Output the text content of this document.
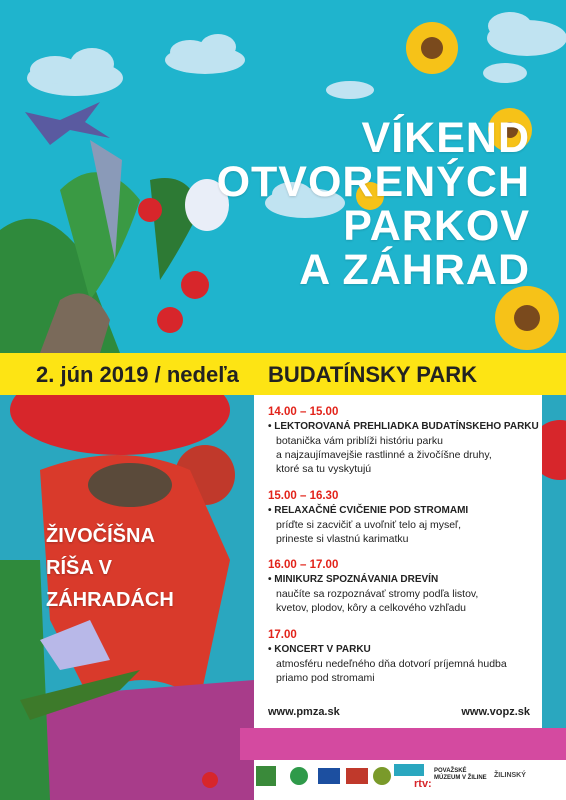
VÍKEND
OTVORENÝCH
PARKOV
A ZÁHRAD
2. jún 2019 / nedeľa BUDATÍNSKY PARK
14.00 – 15.00
• LEKTOROVANÁ PREHLIADKA BUDATÍNSKEHO PARKU
botanička vám priblíži históriu parku
a najzaujímavejšie rastlinné a živočíšne druhy,
ktoré sa tu vyskytujú
15.00 – 16.30
• RELAXAČNÉ CVIČENIE POD STROMAMI
príďte si zacvičiť a uvoľniť telo aj myseľ,
prineste si vlastnú karimatku
16.00 – 17.00
• MINIKURZ SPOZNÁVANIA DREVÍN
naučíte sa rozpoznávať stromy podľa listov,
kvetov, plodov, kôry a celkového vzhľadu
17.00
• KONCERT V PARKU
atmosféru nedeľného dňa dotvorí príjemná hudba
priamo pod stromami
www.pmza.sk	www.vopz.sk
ŽIVOČÍŠNA
RÍŠA V
ZÁHRADÁCH
rtv:
POVAŽSKÉ MÚZEUM V ŽILINE	ŽILINSKÝ
